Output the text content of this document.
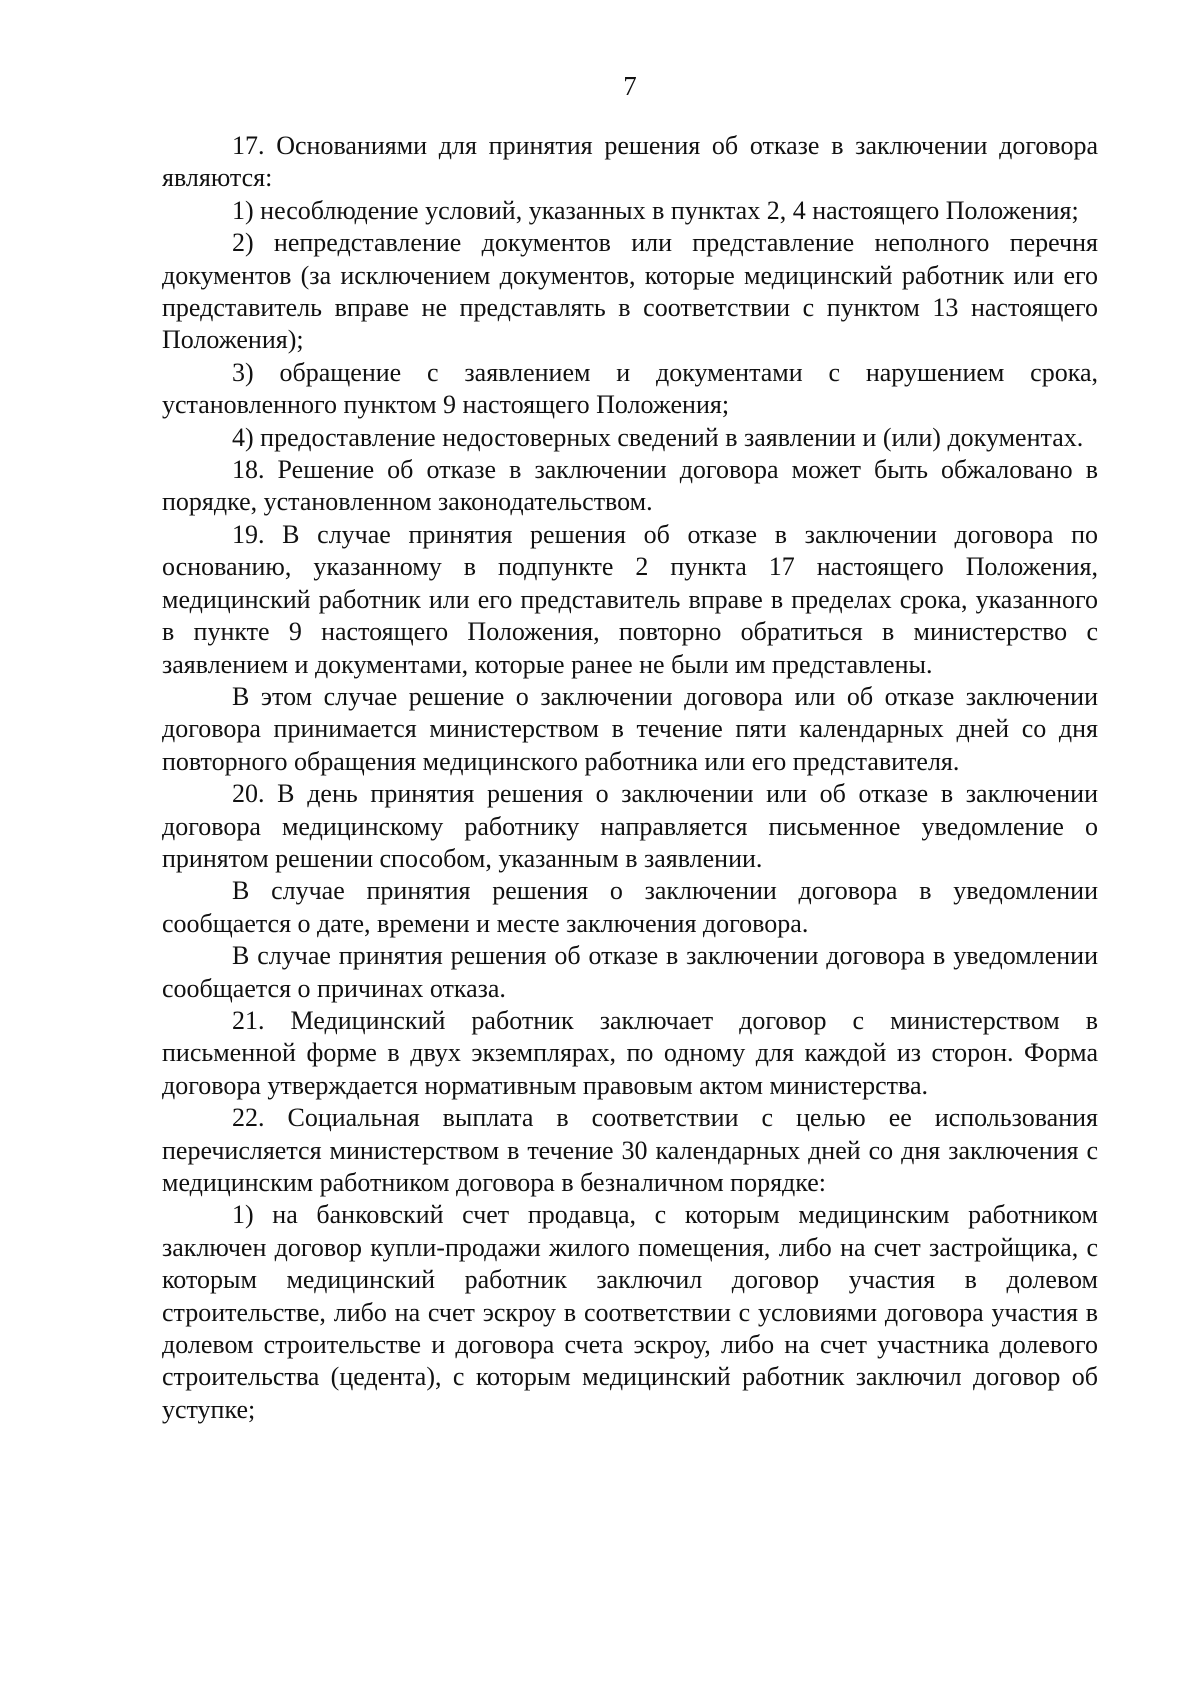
7

17. Основаниями для принятия решения об отказе в заключении договора являются:

1) несоблюдение условий, указанных в пунктах 2, 4 настоящего Положения;

2) непредставление документов или представление неполного перечня документов (за исключением документов, которые медицинский работник или его представитель вправе не представлять в соответствии с пунктом 13 настоящего Положения);

3) обращение с заявлением и документами с нарушением срока, установленного пунктом 9 настоящего Положения;

4) предоставление недостоверных сведений в заявлении и (или) документах.

18. Решение об отказе в заключении договора может быть обжаловано в порядке, установленном законодательством.

19. В случае принятия решения об отказе в заключении договора по основанию, указанному в подпункте 2 пункта 17 настоящего Положения, медицинский работник или его представитель вправе в пределах срока, указанного в пункте 9 настоящего Положения, повторно обратиться в министерство с заявлением и документами, которые ранее не были им представлены.

В этом случае решение о заключении договора или об отказе заключении договора принимается министерством в течение пяти календарных дней со дня повторного обращения медицинского работника или его представителя.

20. В день принятия решения о заключении или об отказе в заключении договора медицинскому работнику направляется письменное уведомление о принятом решении способом, указанным в заявлении.

В случае принятия решения о заключении договора в уведомлении сообщается о дате, времени и месте заключения договора.

В случае принятия решения об отказе в заключении договора в уведомлении сообщается о причинах отказа.

21. Медицинский работник заключает договор с министерством в письменной форме в двух экземплярах, по одному для каждой из сторон. Форма договора утверждается нормативным правовым актом министерства.

22. Социальная выплата в соответствии с целью ее использования перечисляется министерством в течение 30 календарных дней со дня заключения с медицинским работником договора в безналичном порядке:

1) на банковский счет продавца, с которым медицинским работником заключен договор купли-продажи жилого помещения, либо на счет застройщика, с которым медицинский работник заключил договор участия в долевом строительстве, либо на счет эскроу в соответствии с условиями договора участия в долевом строительстве и договора счета эскроу, либо на счет участника долевого строительства (цедента), с которым медицинский работник заключил договор об уступке;
